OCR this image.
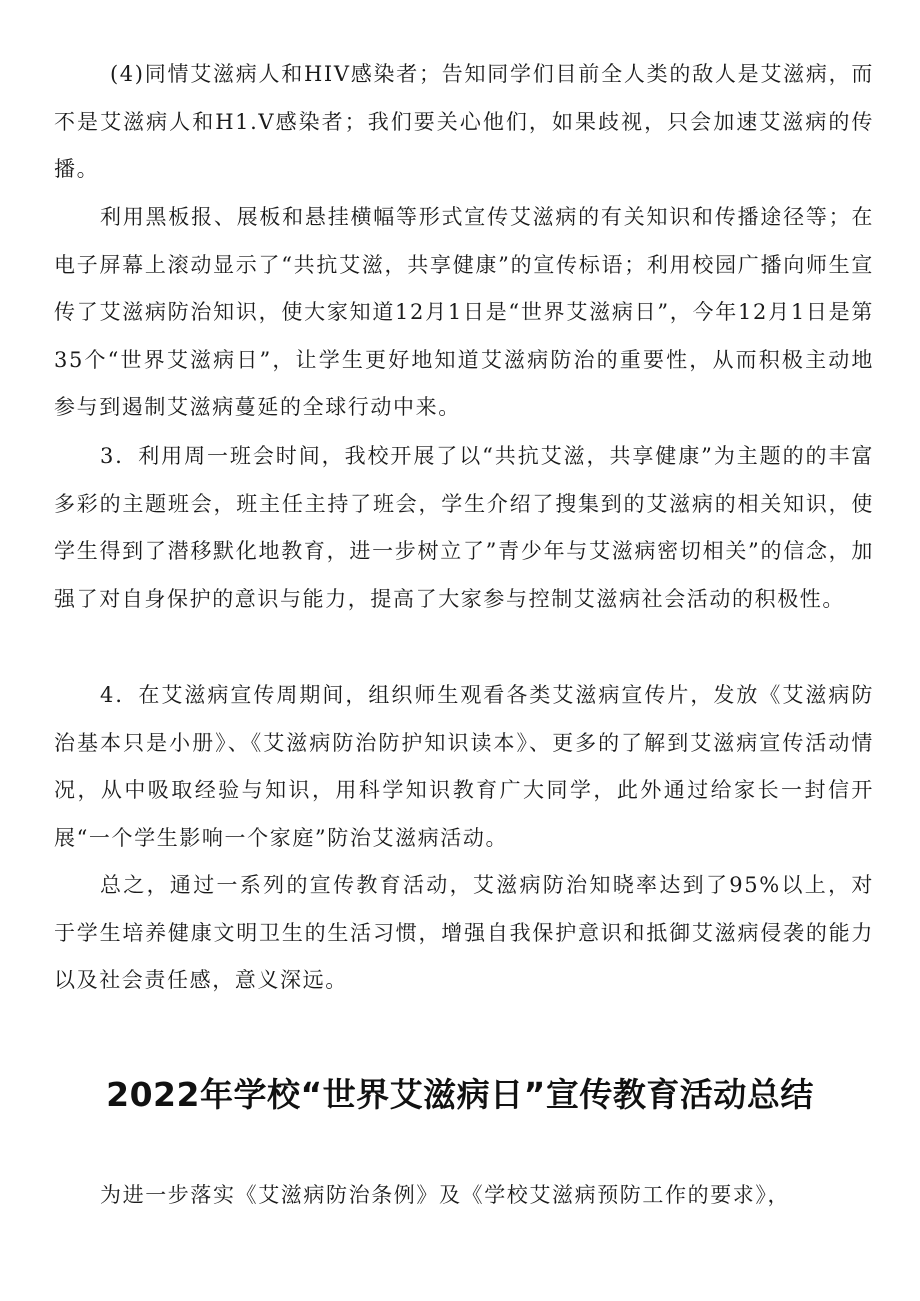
(4)同情艾滋病人和HIV感染者；告知同学们目前全人类的敌人是艾滋病，而不是艾滋病人和H1.V感染者；我们要关心他们，如果歧视，只会加速艾滋病的传播。

利用黑板报、展板和悬挂横幅等形式宣传艾滋病的有关知识和传播途径等；在电子屏幕上滚动显示了“共抗艾滋，共享健康”的宣传标语；利用校园广播向师生宣传了艾滋病防治知识，使大家知道12月1日是“世界艾滋病日”，今年12月1日是第35个“世界艾滋病日”，让学生更好地知道艾滋病防治的重要性，从而积极主动地参与到遏制艾滋病蔓延的全球行动中来。

3．利用周一班会时间，我校开展了以“共抗艾滋，共享健康”为主题的的丰富多彩的主题班会，班主任主持了班会，学生介绍了搜集到的艾滋病的相关知识，使学生得到了潜移默化地教育，进一步树立了”青少年与艾滋病密切相关”的信念，加强了对自身保护的意识与能力，提高了大家参与控制艾滋病社会活动的积极性。

4．在艾滋病宣传周期间，组织师生观看各类艾滋病宣传片，发放《艾滋病防治基本只是小册》、《艾滋病防治防护知识读本》、更多的了解到艾滋病宣传活动情况，从中吸取经验与知识，用科学知识教育广大同学，此外通过给家长一封信开展“一个学生影响一个家庭”防治艾滋病活动。

总之，通过一系列的宣传教育活动，艾滋病防治知晓率达到了95%以上，对于学生培养健康文明卫生的生活习惯，增强自我保护意识和抵御艾滋病侵袭的能力以及社会责任感，意义深远。

2022年学校“世界艾滋病日”宣传教育活动总结

为进一步落实《艾滋病防治条例》及《学校艾滋病预防工作的要求》，
